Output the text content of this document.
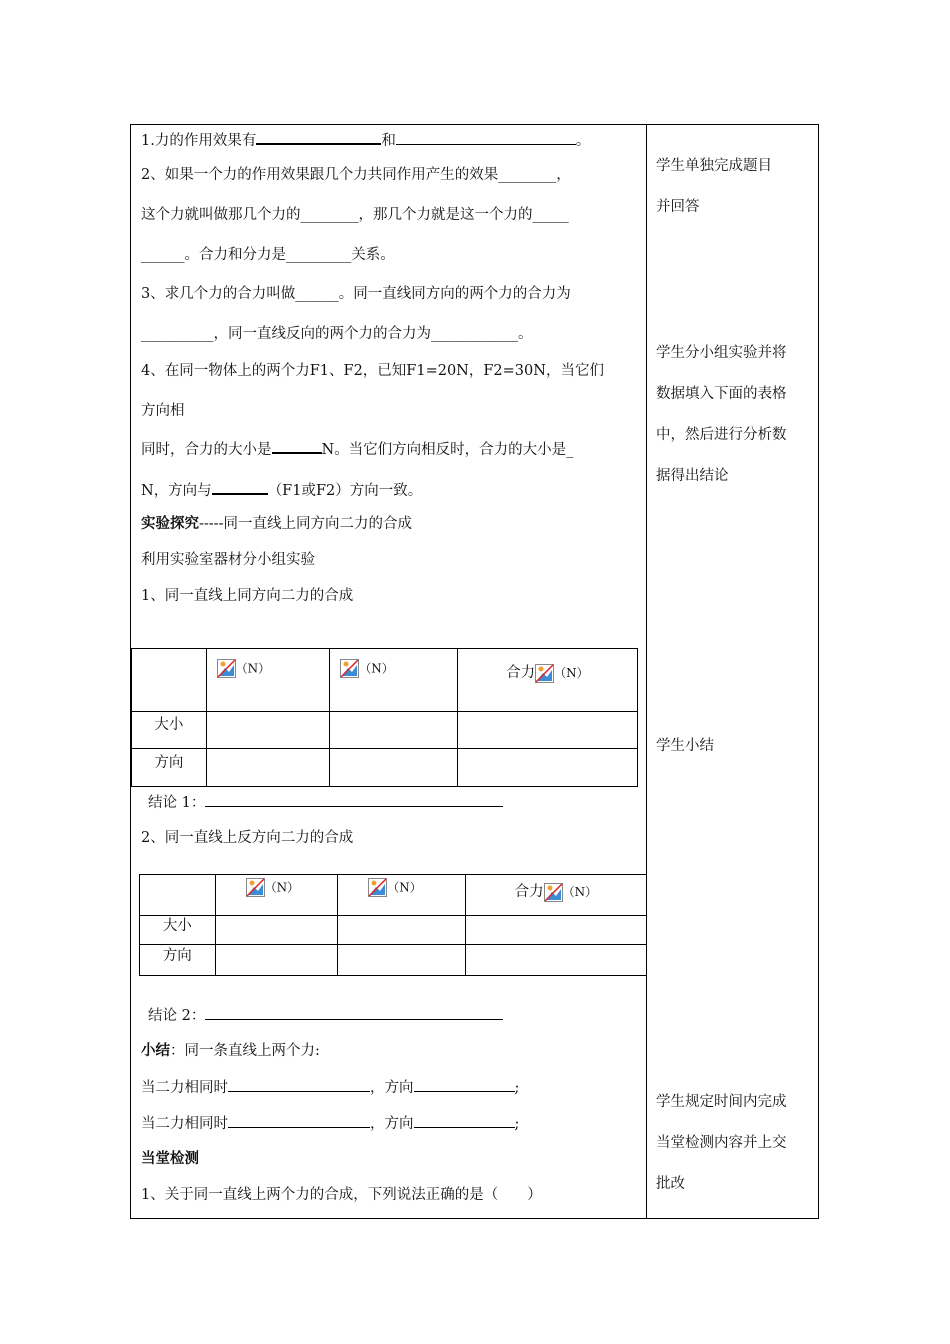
1.力的作用效果有	和	。
2、如果一个力的作用效果跟几个力共同作用产生的效果________，
这个力就叫做那几个力的________，那几个力就是这一个力的_____
______。合力和分力是_________关系。
3、求几个力的合力叫做______。同一直线同方向的两个力的合力为
__________，同一直线反向的两个力的合力为____________。
4、在同一物体上的两个力F1、F2，已知F1=20N，F2=30N，当它们
方向相
同时，合力的大小是	N。当它们方向相反时，合力的大小是_
N，方向与	（F1或F2）方向一致。
实验探究-----同一直线上同方向二力的合成
利用实验室器材分小组实验
1、同一直线上同方向二力的合成

	（N）	（N）	合力 （N）

大小			
方向			
结论 1：
2、同一直线上反方向二力的合成

	（N）	（N）	合力 （N）

大小			
方向			
结论 2：
小结：同一条直线上两个力:
当二力相同时	，方向	;
当二力相同时	，方向	;
当堂检测
1、关于同一直线上两个力的合成，下列说法正确的是（　　）
学生单独完成题目
并回答
学生分小组实验并将
数据填入下面的表格
中，然后进行分析数
据得出结论
学生小结
学生规定时间内完成
当堂检测内容并上交
批改
